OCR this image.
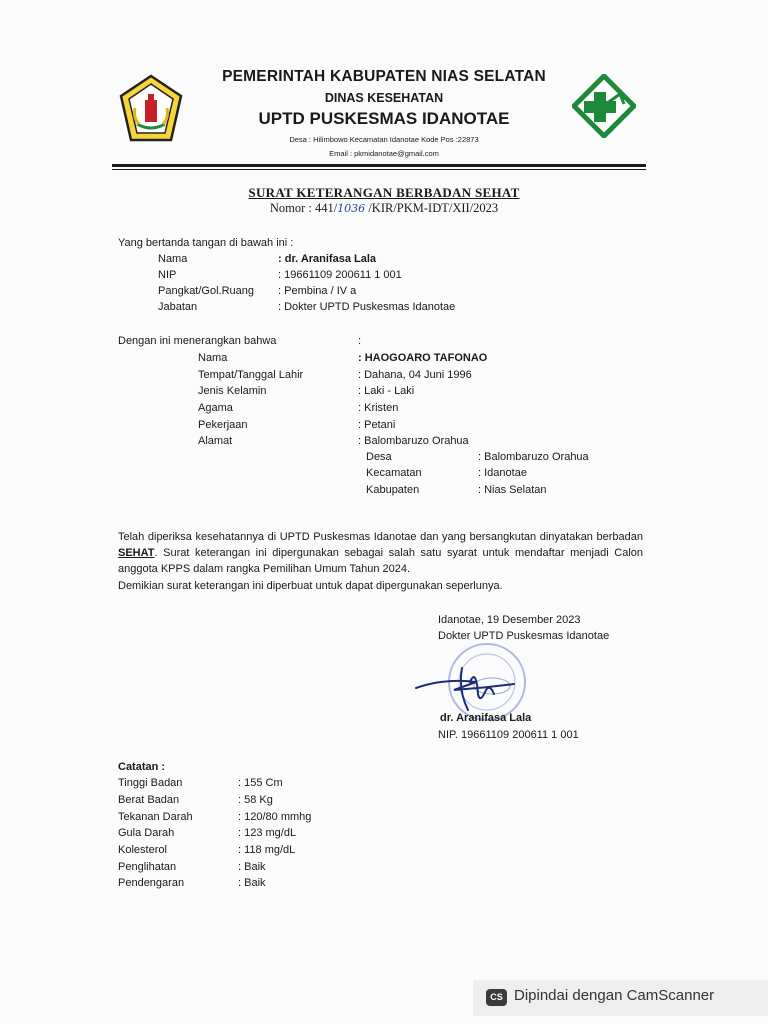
PEMERINTAH KABUPATEN NIAS SELATAN
DINAS KESEHATAN
UPTD PUSKESMAS IDANOTAE
Desa : Hilimbowo Kecamatan Idanotae Kode Pos :22873
Email : pkmidanotae@gmail.com
SURAT KETERANGAN BERBADAN SEHAT
Nomor : 441/1036 /KIR/PKM-IDT/XII/2023
Yang bertanda tangan di bawah ini :
Nama	: dr. Aranifasa Lala
NIP	: 19661109 200611 1 001
Pangkat/Gol.Ruang : Pembina / IV a
Jabatan	: Dokter UPTD Puskesmas Idanotae
Dengan ini menerangkan bahwa	:
Nama	: HAOGOARO TAFONAO
Tempat/Tanggal Lahir	: Dahana, 04 Juni 1996
Jenis Kelamin	: Laki - Laki
Agama	: Kristen
Pekerjaan	: Petani
Alamat	: Balombaruzo Orahua
Desa	: Balombaruzo Orahua
Kecamatan	: Idanotae
Kabupaten	: Nias Selatan
Telah diperiksa kesehatannya di UPTD Puskesmas Idanotae dan yang bersangkutan dinyatakan berbadan SEHAT. Surat keterangan ini dipergunakan sebagai salah satu syarat untuk mendaftar menjadi Calon anggota KPPS dalam rangka Pemilihan Umum Tahun 2024.
Demikian surat keterangan ini diperbuat untuk dapat dipergunakan seperlunya.
Idanotae, 19 Desember 2023
Dokter UPTD Puskesmas Idanotae
dr. Aranifasa Lala
NIP. 19661109 200611 1 001
Catatan :
Tinggi Badan	: 155 Cm
Berat Badan	: 58 Kg
Tekanan Darah	: 120/80 mmhg
Gula Darah	: 123 mg/dL
Kolesterol	: 118 mg/dL
Penglihatan	: Baik
Pendengaran	: Baik
CS Dipindai dengan CamScanner
